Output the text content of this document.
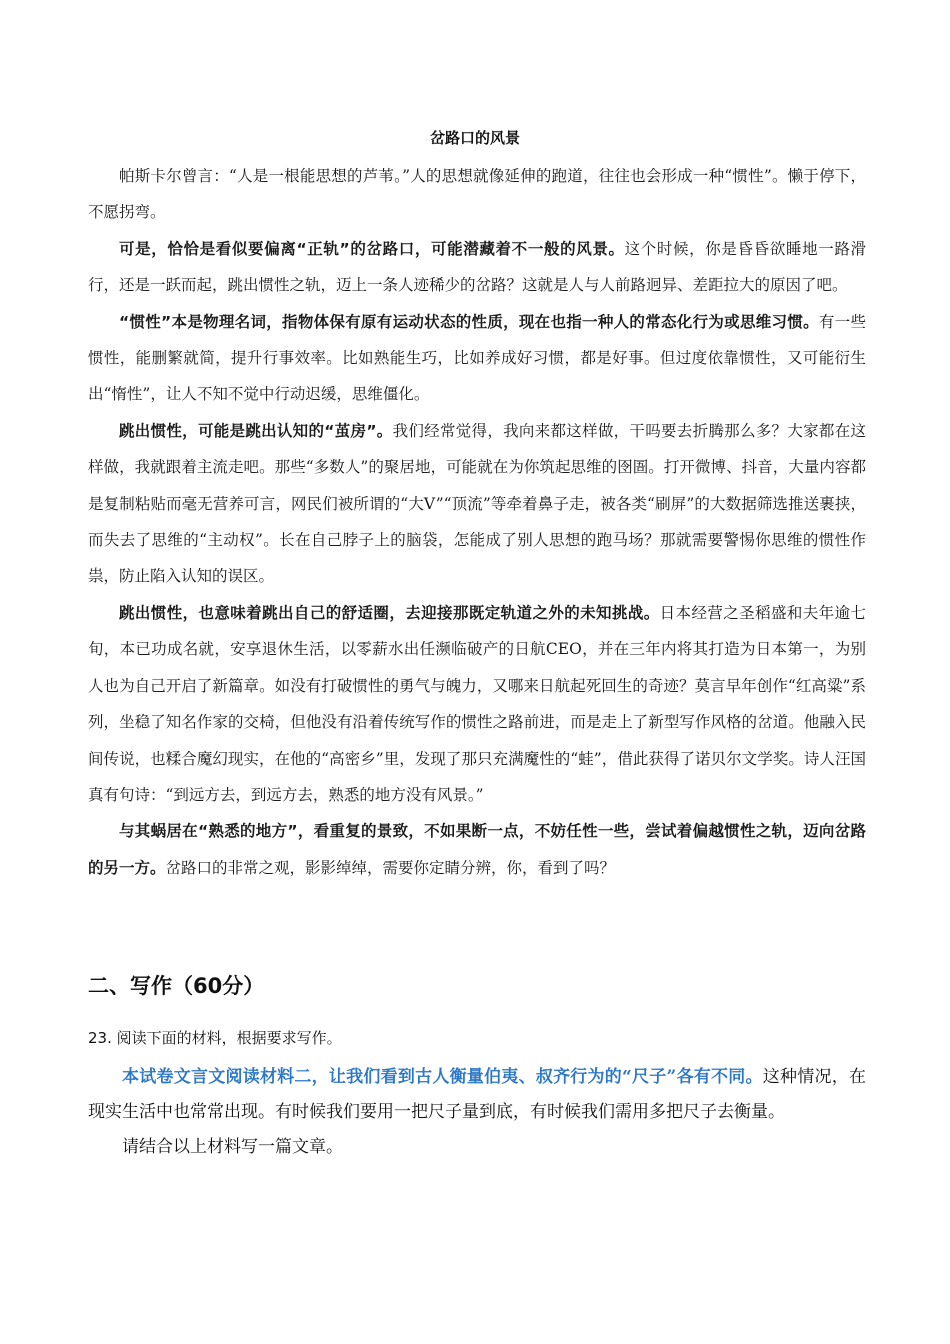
岔路口的风景

帕斯卡尔曾言：“人是一根能思想的芦苇。”人的思想就像延伸的跑道，往往也会形成一种“惯性”。懒于停下，不愿拐弯。

可是，恰恰是看似要偏离“正轨”的岔路口，可能潜藏着不一般的风景。这个时候，你是昏昏欲睡地一路滑行，还是一跃而起，跳出惯性之轨，迈上一条人迹稀少的岔路？这就是人与人前路迥异、差距拉大的原因了吧。

“惯性”本是物理名词，指物体保有原有运动状态的性质，现在也指一种人的常态化行为或思维习惯。有一些惯性，能删繁就简，提升行事效率。比如熟能生巧，比如养成好习惯，都是好事。但过度依靠惯性，又可能衍生出“惰性”，让人不知不觉中行动迟缓，思维僵化。

跳出惯性，可能是跳出认知的“茧房”。我们经常觉得，我向来都这样做，干吗要去折腾那么多？大家都在这样做，我就跟着主流走吧。那些“多数人”的聚居地，可能就在为你筑起思维的囹圄。打开微博、抖音，大量内容都是复制粘贴而毫无营养可言，网民们被所谓的“大V”“顶流”等牵着鼻子走，被各类“刷屏”的大数据筛选推送裹挟，而失去了思维的“主动权”。长在自己脖子上的脑袋，怎能成了别人思想的跑马场？那就需要警惕你思维的惯性作祟，防止陷入认知的误区。

跳出惯性，也意味着跳出自己的舒适圈，去迎接那既定轨道之外的未知挑战。日本经营之圣稻盛和夫年逾七旬，本已功成名就，安享退休生活，以零薪水出任濒临破产的日航CEO，并在三年内将其打造为日本第一，为别人也为自己开启了新篇章。如没有打破惯性的勇气与魄力，又哪来日航起死回生的奇迹？莫言早年创作“红高粱”系列，坐稳了知名作家的交椅，但他没有沿着传统写作的惯性之路前进，而是走上了新型写作风格的岔道。他融入民间传说，也糅合魔幻现实，在他的“高密乡”里，发现了那只充满魔性的“蛙”，借此获得了诺贝尔文学奖。诗人汪国真有句诗：“到远方去，到远方去，熟悉的地方没有风景。”

与其蜗居在“熟悉的地方”，看重复的景致，不如果断一点，不妨任性一些，尝试着偏越惯性之轨，迈向岔路的另一方。岔路口的非常之观，影影绰绰，需要你定睛分辨，你，看到了吗？

二、写作（60分）
23. 阅读下面的材料，根据要求写作。

本试卷文言文阅读材料二，让我们看到古人衡量伯夷、叔齐行为的“尺子”各有不同。这种情况，在现实生活中也常常出现。有时候我们要用一把尺子量到底，有时候我们需用多把尺子去衡量。

请结合以上材料写一篇文章。
